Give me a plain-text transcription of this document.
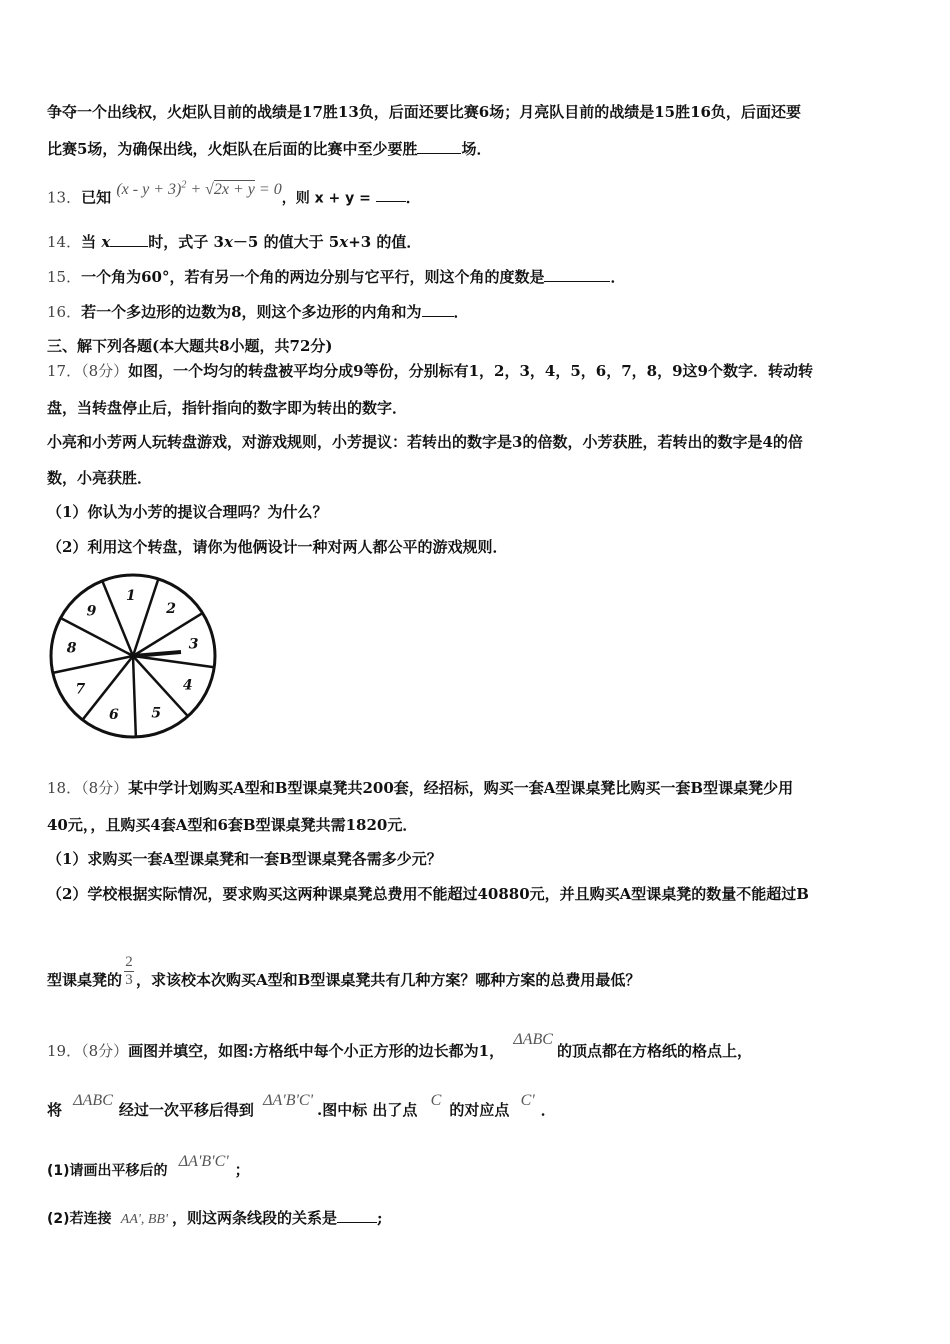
争夺一个出线权，火炬队目前的战绩是17胜13负，后面还要比赛6场；月亮队目前的战绩是15胜16负，后面还要
比赛5场，为确保出线，火炬队在后面的比赛中至少要胜	场．
13．已知 $(x - y + 3)^2 + √2x + y = 0$，则 x + y = ．
14．当 x	时，式子 3x－5 的值大于 5x+3 的值．
15．一个角为60°，若有另一个角的两边分别与它平行，则这个角的度数是	．
16．若一个多边形的边数为8，则这个多边形的内角和为 ．
三、解下列各题(本大题共8小题，共72分)
17．（8分）如图，一个均匀的转盘被平均分成9等份，分别标有1，2，3，4，5，6，7，8，9这9个数字．转动转
盘，当转盘停止后，指针指向的数字即为转出的数字．
小亮和小芳两人玩转盘游戏，对游戏规则，小芳提议：若转出的数字是3的倍数，小芳获胜，若转出的数字是4的倍
数，小亮获胜．
（1）你认为小芳的提议合理吗？为什么？
（2）利用这个转盘，请你为他俩设计一种对两人都公平的游戏规则．
1
2
3
4
5
6
7
8
9
18．（8分）某中学计划购买A型和B型课桌凳共200套，经招标，购买一套A型课桌凳比购买一套B型课桌凳少用
40元，，且购买4套A型和6套B型课桌凳共需1820元．
（1）求购买一套A型课桌凳和一套B型课桌凳各需多少元？
（2）学校根据实际情况，要求购买这两种课桌凳总费用不能超过40880元，并且购买A型课桌凳的数量不能超过B
型课桌凳的 $\frac{2}{3}$ ，求该校本次购买A型和B型课桌凳共有几种方案？哪种方案的总费用最低？
19．（8分）画图并填空，如图:方格纸中每个小正方形的边长都为1， ΔABC的顶点都在方格纸的格点上，
将 ΔABC经过一次平移后得到 ΔA'B'C'.图中标 出了点 C的对应点 C'．
(1)请画出平移后的 ΔA'B'C' ；
(2)若连接 AA', BB' ，则这两条线段的关系是	;
